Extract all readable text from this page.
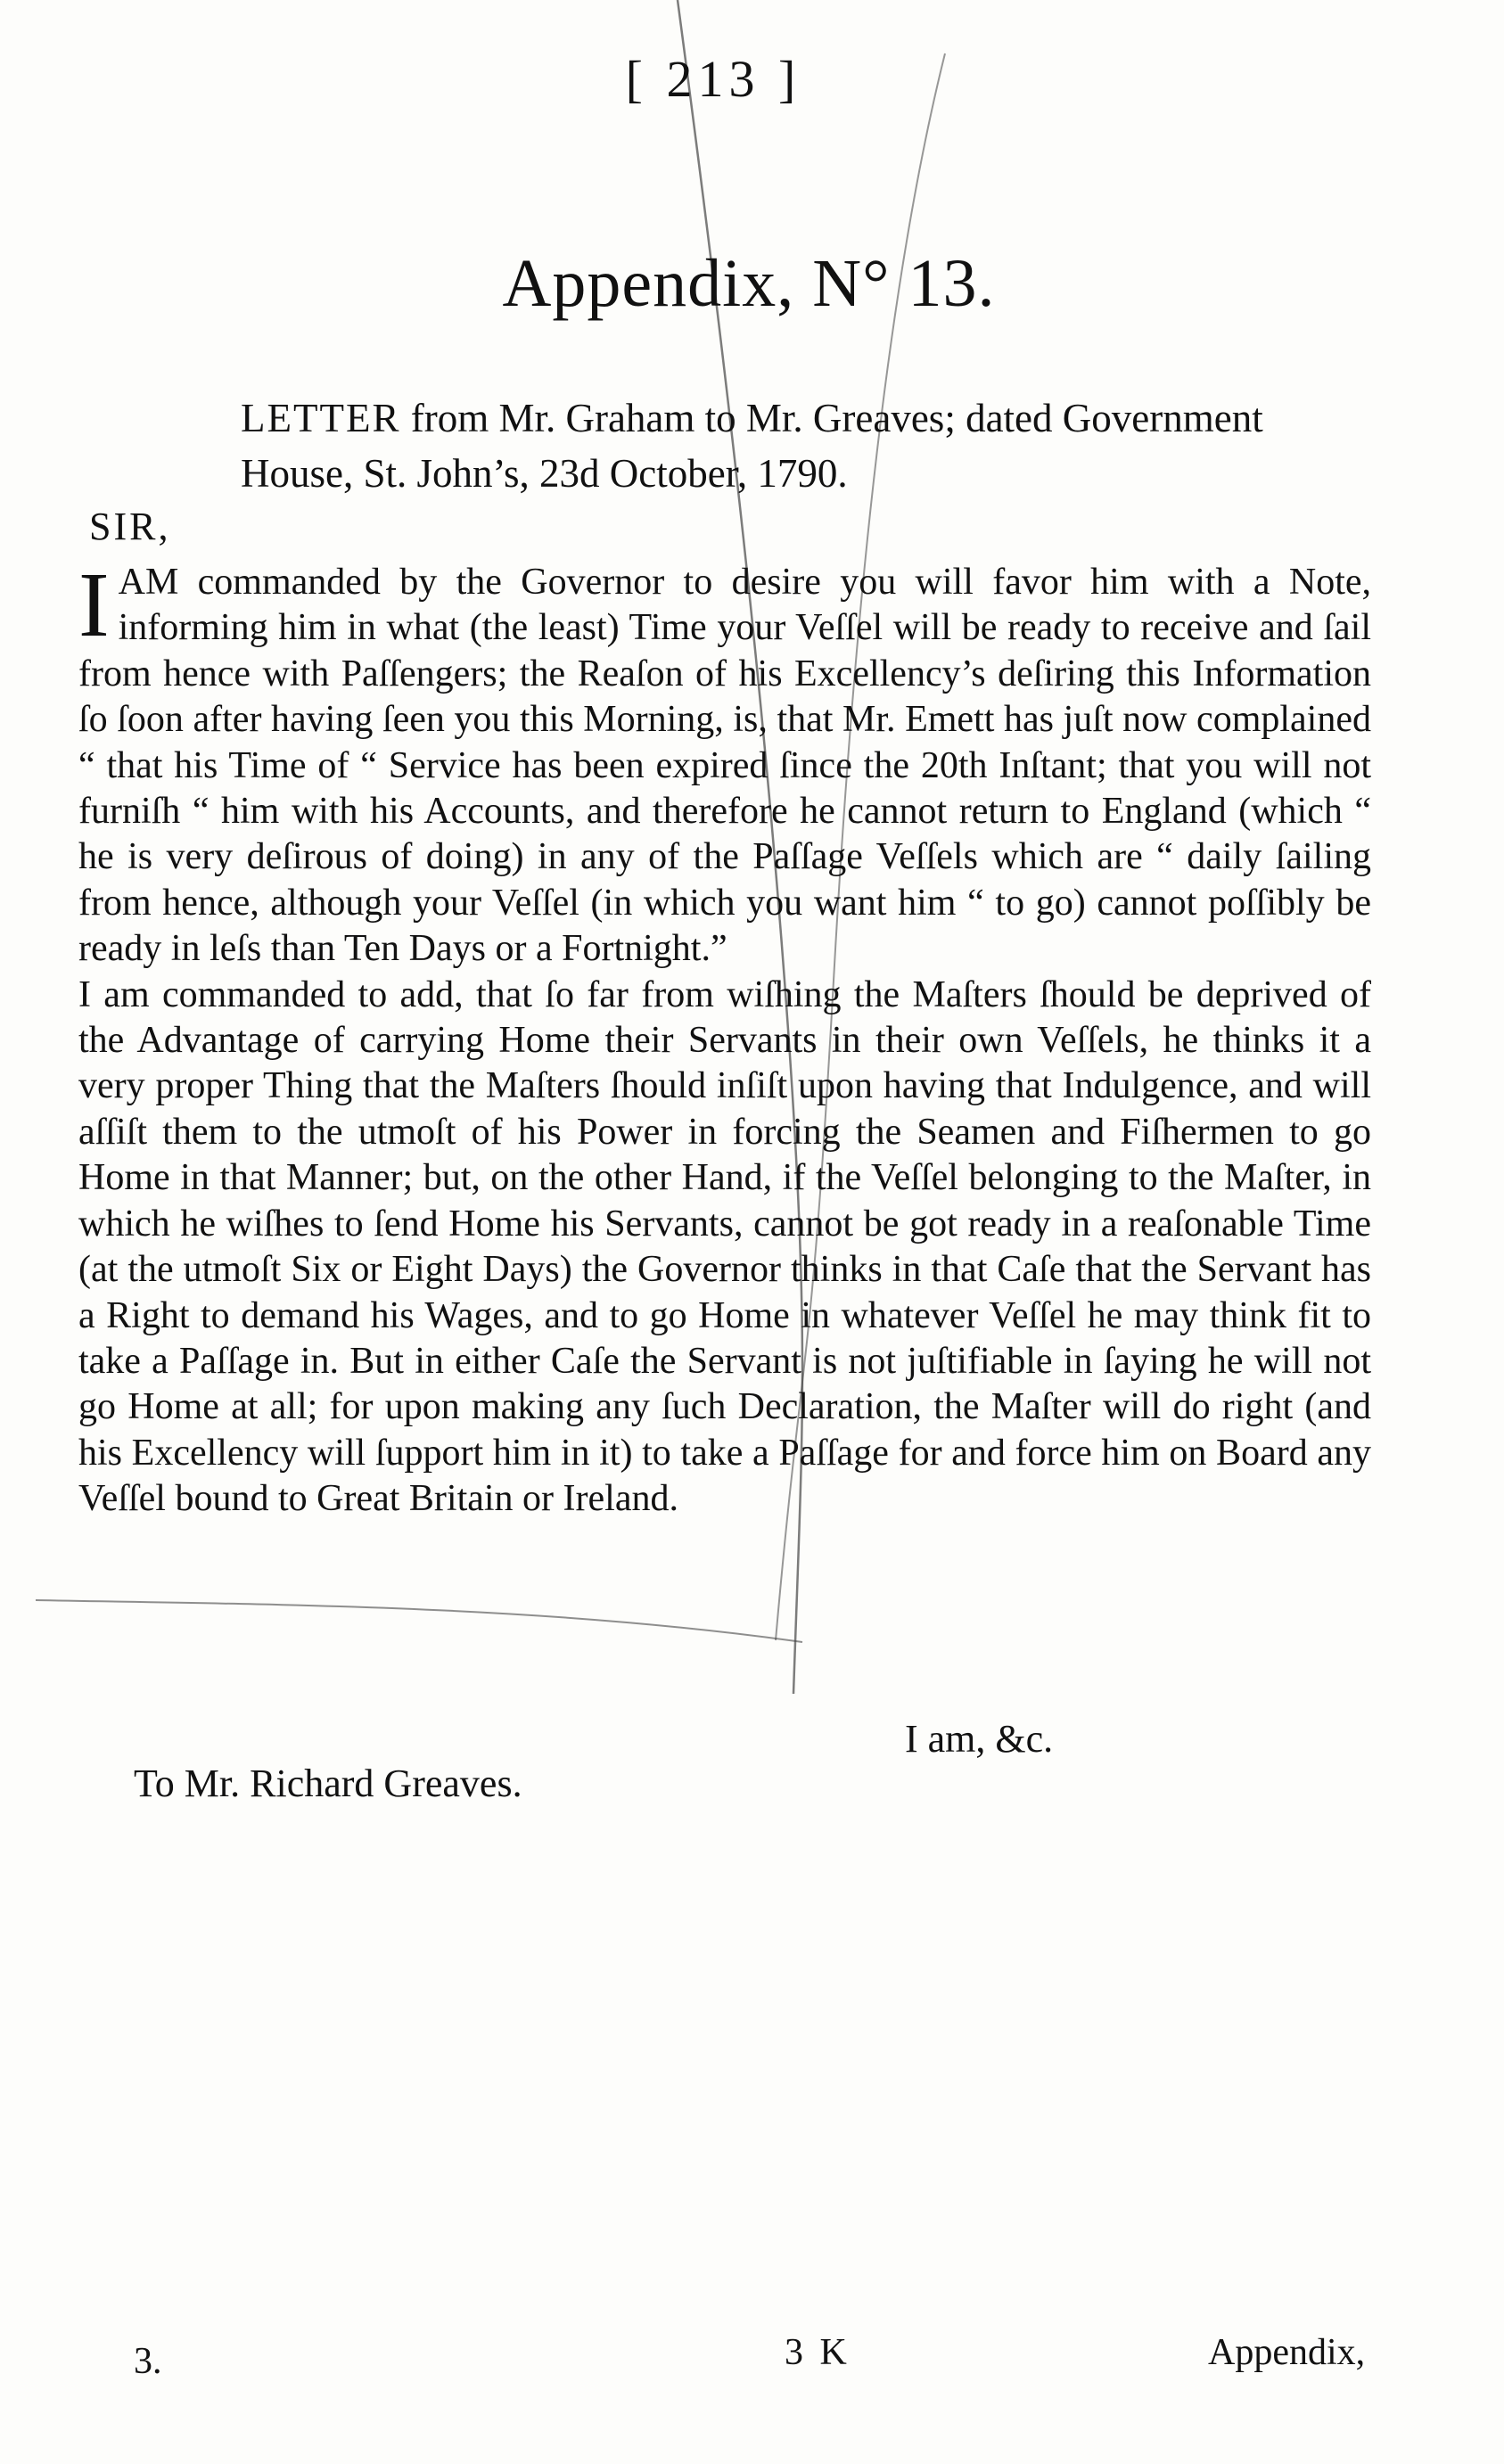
[ 213 ]
Appendix, N° 13.
LETTER from Mr. Graham to Mr. Greaves; dated Government House, St. John’s, 23d October, 1790.
SIR,

I AM commanded by the Governor to desire you will favor him with a Note, informing him in what (the least) Time your Veſſel will be ready to receive and ſail from hence with Paſſengers; the Reaſon of his Excellency’s deſiring this Information ſo ſoon after having ſeen you this Morning, is, that Mr. Emett has juſt now complained “ that his Time of “ Service has been expired ſince the 20th Inſtant; that you will not furniſh “ him with his Accounts, and therefore he cannot return to England (which “ he is very deſirous of doing) in any of the Paſſage Veſſels which are “ daily ſailing from hence, although your Veſſel (in which you want him “ to go) cannot poſſibly be ready in leſs than Ten Days or a Fortnight.”

I am commanded to add, that ſo far from wiſhing the Maſters ſhould be deprived of the Advantage of carrying Home their Servants in their own Veſſels, he thinks it a very proper Thing that the Maſters ſhould inſiſt upon having that Indulgence, and will aſſiſt them to the utmoſt of his Power in forcing the Seamen and Fiſhermen to go Home in that Manner; but, on the other Hand, if the Veſſel belonging to the Maſter, in which he wiſhes to ſend Home his Servants, cannot be got ready in a reaſonable Time (at the utmoſt Six or Eight Days) the Governor thinks in that Caſe that the Servant has a Right to demand his Wages, and to go Home in whatever Veſſel he may think fit to take a Paſſage in. But in either Caſe the Servant is not juſtifiable in ſaying he will not go Home at all; for upon making any ſuch Declaration, the Maſter will do right (and his Excellency will ſupport him in it) to take a Paſſage for and force him on Board any Veſſel bound to Great Britain or Ireland.

I am, &c.
To Mr. Richard Greaves.
3.	3 K	Appendix,
